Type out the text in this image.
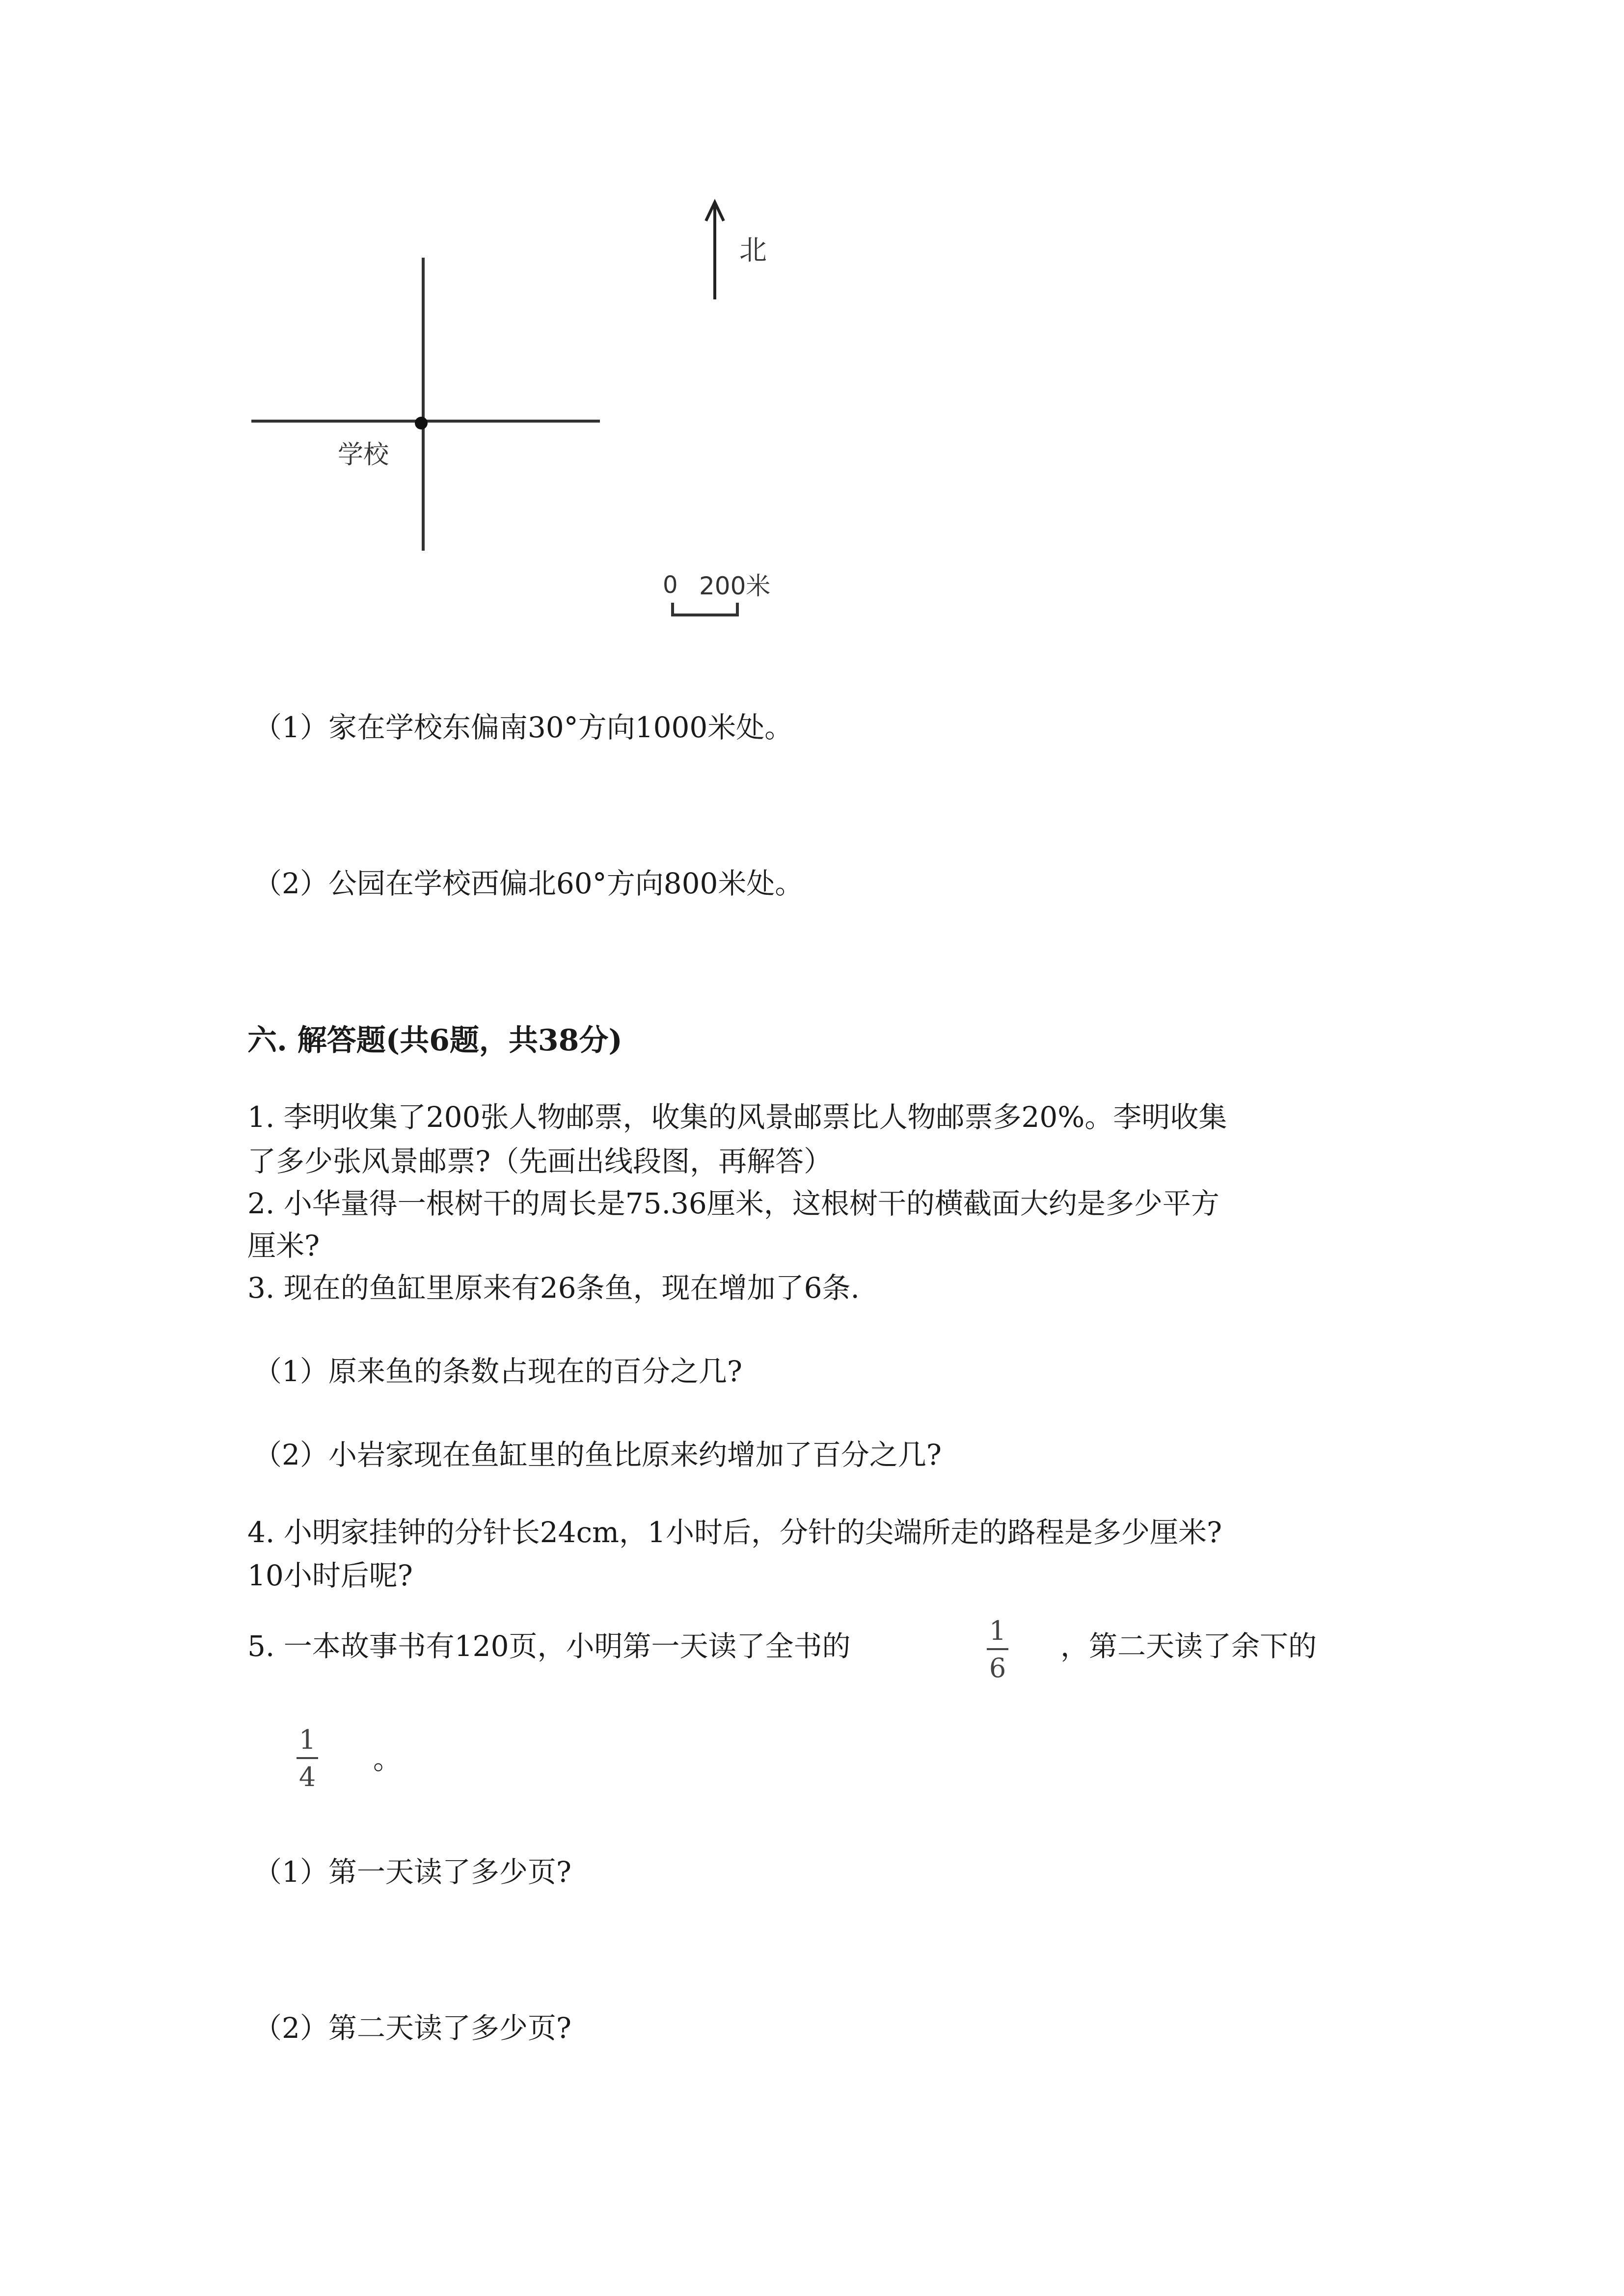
北
学校
0 200米
（1）家在学校东偏南30°方向1000米处。
（2）公园在学校西偏北60°方向800米处。
六. 解答题(共6题，共38分)
1. 李明收集了200张人物邮票，收集的风景邮票比人物邮票多20%。李明收集
了多少张风景邮票?（先画出线段图，再解答）
2. 小华量得一根树干的周长是75.36厘米，这根树干的横截面大约是多少平方
厘米?
3. 现在的鱼缸里原来有26条鱼，现在增加了6条.
（1）原来鱼的条数占现在的百分之几?
（2）小岩家现在鱼缸里的鱼比原来约增加了百分之几?
4. 小明家挂钟的分针长24cm，1小时后，分针的尖端所走的路程是多少厘米?
10小时后呢?
5. 一本故事书有120页，小明第一天读了全书的	1
6
，第二天读了余下的
1
4
。
（1）第一天读了多少页?
（2）第二天读了多少页?
